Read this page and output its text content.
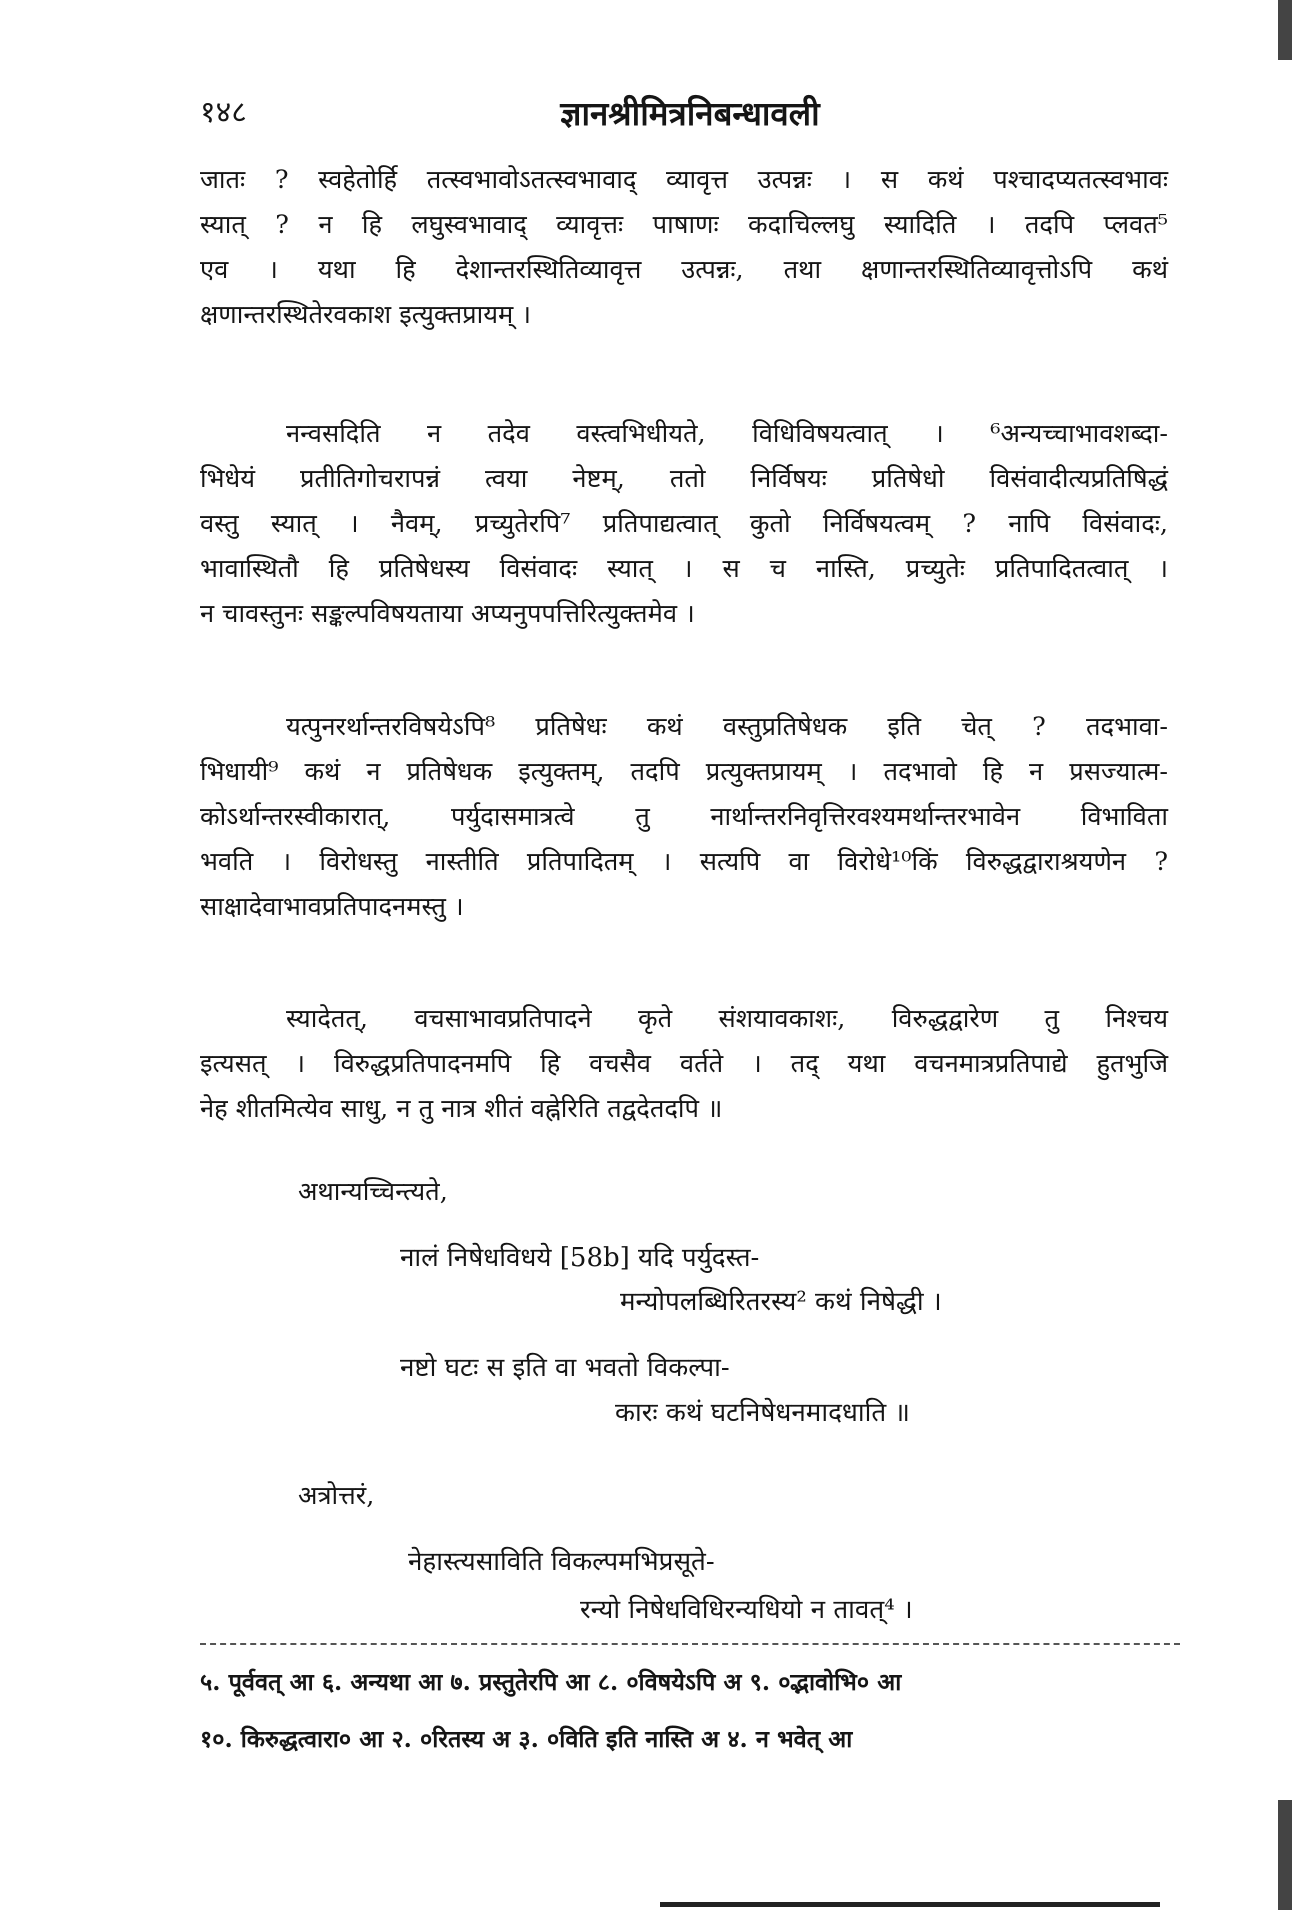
१४८	ज्ञानश्रीमित्रनिबन्धावली
जातः ? स्वहेतोर्हि तत्स्वभावोऽतत्स्वभावाद् व्यावृत्त उत्पन्नः । स कथं पश्चादप्यतत्स्वभावः
स्यात् ? न हि लघुस्वभावाद् व्यावृत्तः पाषाणः कदाचिल्लघु स्यादिति । तदपि प्लवत⁵
एव । यथा हि देशान्तरस्थितिव्यावृत्त उत्पन्नः, तथा क्षणान्तरस्थितिव्यावृत्तोऽपि कथं
क्षणान्तरस्थितेरवकाश इत्युक्तप्रायम् ।
नन्वसदिति न तदेव वस्त्वभिधीयते, विधिविषयत्वात् । ⁶अन्यच्चाभावशब्दा-
भिधेयं प्रतीतिगोचरापन्नं त्वया नेष्टम्, ततो निर्विषयः प्रतिषेधो विसंवादीत्यप्रतिषिद्धं
वस्तु स्यात् । नैवम्, प्रच्युतेरपि⁷ प्रतिपाद्यत्वात् कुतो निर्विषयत्वम् ? नापि विसंवादः,
भावास्थितौ हि प्रतिषेधस्य विसंवादः स्यात् । स च नास्ति, प्रच्युतेः प्रतिपादितत्वात् ।
न चावस्तुनः सङ्कल्पविषयताया अप्यनुपपत्तिरित्युक्तमेव ।
यत्पुनरर्थान्तरविषयेऽपि⁸ प्रतिषेधः कथं वस्तुप्रतिषेधक इति चेत् ? तदभावा-
भिधायी⁹ कथं न प्रतिषेधक इत्युक्तम्, तदपि प्रत्युक्तप्रायम् । तदभावो हि न प्रसज्यात्म-
कोऽर्थान्तरस्वीकारात्, पर्युदासमात्रत्वे तु नार्थान्तरनिवृत्तिरवश्यमर्थान्तरभावेन विभाविता
भवति । विरोधस्तु नास्तीति प्रतिपादितम् । सत्यपि वा विरोधे¹⁰किं विरुद्धद्वाराश्रयणेन ?
साक्षादेवाभावप्रतिपादनमस्तु ।
स्यादेतत्, वचसाभावप्रतिपादने कृते संशयावकाशः, विरुद्धद्वारेण तु निश्चय
इत्यसत् । विरुद्धप्रतिपादनमपि हि वचसैव वर्तते । तद् यथा वचनमात्रप्रतिपाद्ये हुतभुजि
नेह शीतमित्येव साधु, न तु नात्र शीतं वह्नेरिति तद्वदेतदपि ॥
अथान्यच्चिन्त्यते,
नालं निषेधविधये [58b] यदि पर्युदस्त-
मन्योपलब्धिरितरस्य² कथं निषेद्धी ।
नष्टो घटः स इति वा भवतो विकल्पा-
कारः कथं घटनिषेधनमादधाति ॥
अत्रोत्तरं,
नेहास्त्यसाविति विकल्पमभिप्रसूते-
रन्यो निषेधविधिरन्यधियो न तावत्⁴ ।
५. पूर्ववत् आ ६. अन्यथा आ ७. प्रस्तुतेरपि आ ८. ०विषयेऽपि अ ९. ०द्भावोभि० आ
१०. किरुद्धत्वारा० आ २. ०रितस्य अ ३. ०विति इति नास्ति अ ४. न भवेत् आ
